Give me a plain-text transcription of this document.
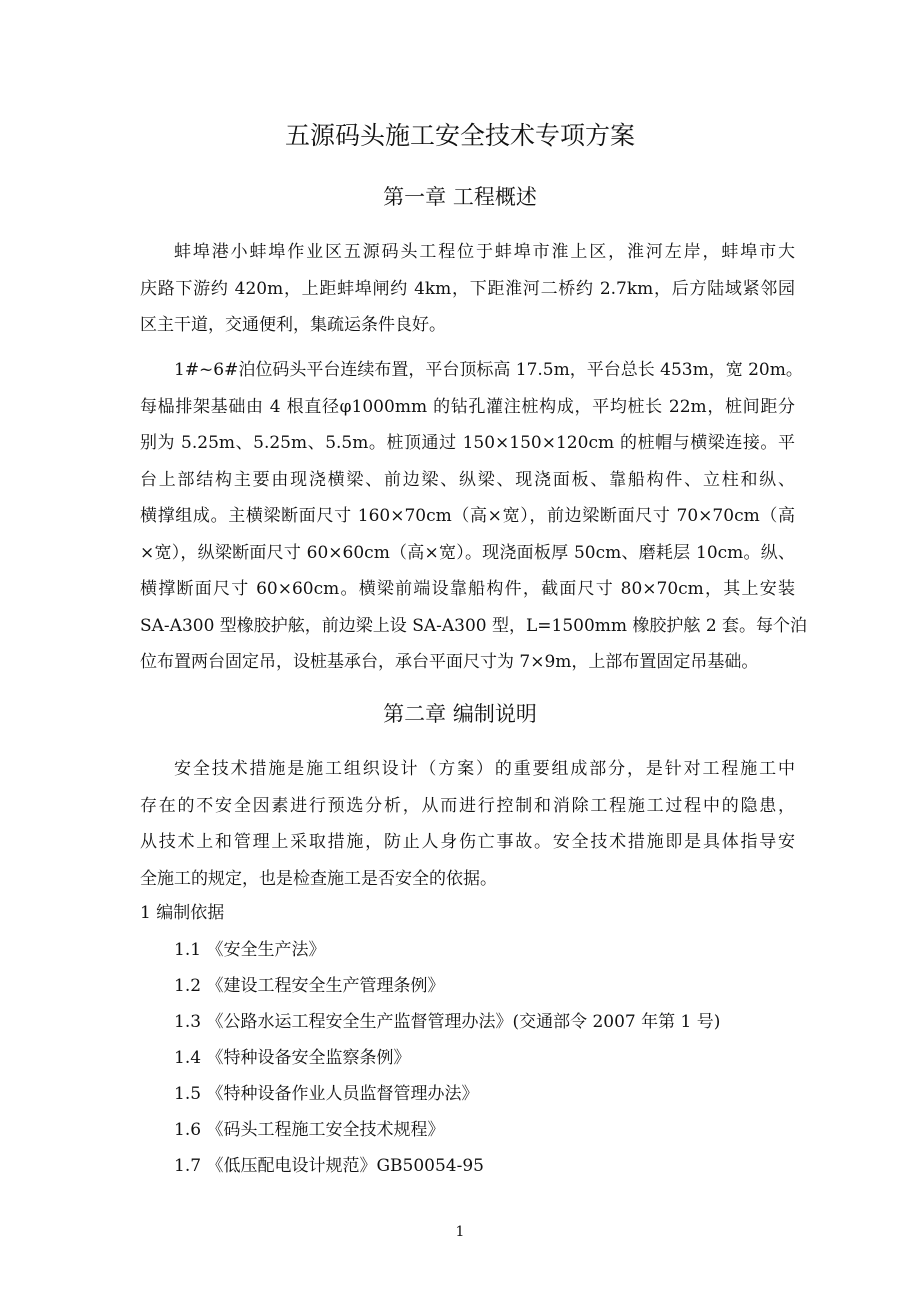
五源码头施工安全技术专项方案
第一章 工程概述

蚌埠港小蚌埠作业区五源码头工程位于蚌埠市淮上区，淮河左岸，蚌埠市大
庆路下游约 420m，上距蚌埠闸约 4km，下距淮河二桥约 2.7km，后方陆域紧邻园
区主干道，交通便利，集疏运条件良好。

1#~6#泊位码头平台连续布置，平台顶标高 17.5m，平台总长 453m，宽 20m。
每榀排架基础由 4 根直径φ1000mm 的钻孔灌注桩构成，平均桩长 22m，桩间距分
别为 5.25m、5.25m、5.5m。桩顶通过 150×150×120cm 的桩帽与横梁连接。平
台上部结构主要由现浇横梁、前边梁、纵梁、现浇面板、靠船构件、立柱和纵、
横撑组成。主横梁断面尺寸 160×70cm（高×宽），前边梁断面尺寸 70×70cm（高
×宽），纵梁断面尺寸 60×60cm（高×宽）。现浇面板厚 50cm、磨耗层 10cm。纵、
横撑断面尺寸 60×60cm。横梁前端设靠船构件，截面尺寸 80×70cm，其上安装
SA-A300 型橡胶护舷，前边梁上设 SA-A300 型，L=1500mm 橡胶护舷 2 套。每个泊
位布置两台固定吊，设桩基承台，承台平面尺寸为 7×9m，上部布置固定吊基础。

第二章 编制说明

安全技术措施是施工组织设计（方案）的重要组成部分，是针对工程施工中
存在的不安全因素进行预选分析，从而进行控制和消除工程施工过程中的隐患，
从技术上和管理上采取措施，防止人身伤亡事故。安全技术措施即是具体指导安
全施工的规定，也是检查施工是否安全的依据。

1 编制依据
1.1 《安全生产法》
1.2 《建设工程安全生产管理条例》
1.3 《公路水运工程安全生产监督管理办法》(交通部令 2007 年第 1 号)
1.4 《特种设备安全监察条例》
1.5 《特种设备作业人员监督管理办法》
1.6 《码头工程施工安全技术规程》
1.7 《低压配电设计规范》GB50054-95
1
